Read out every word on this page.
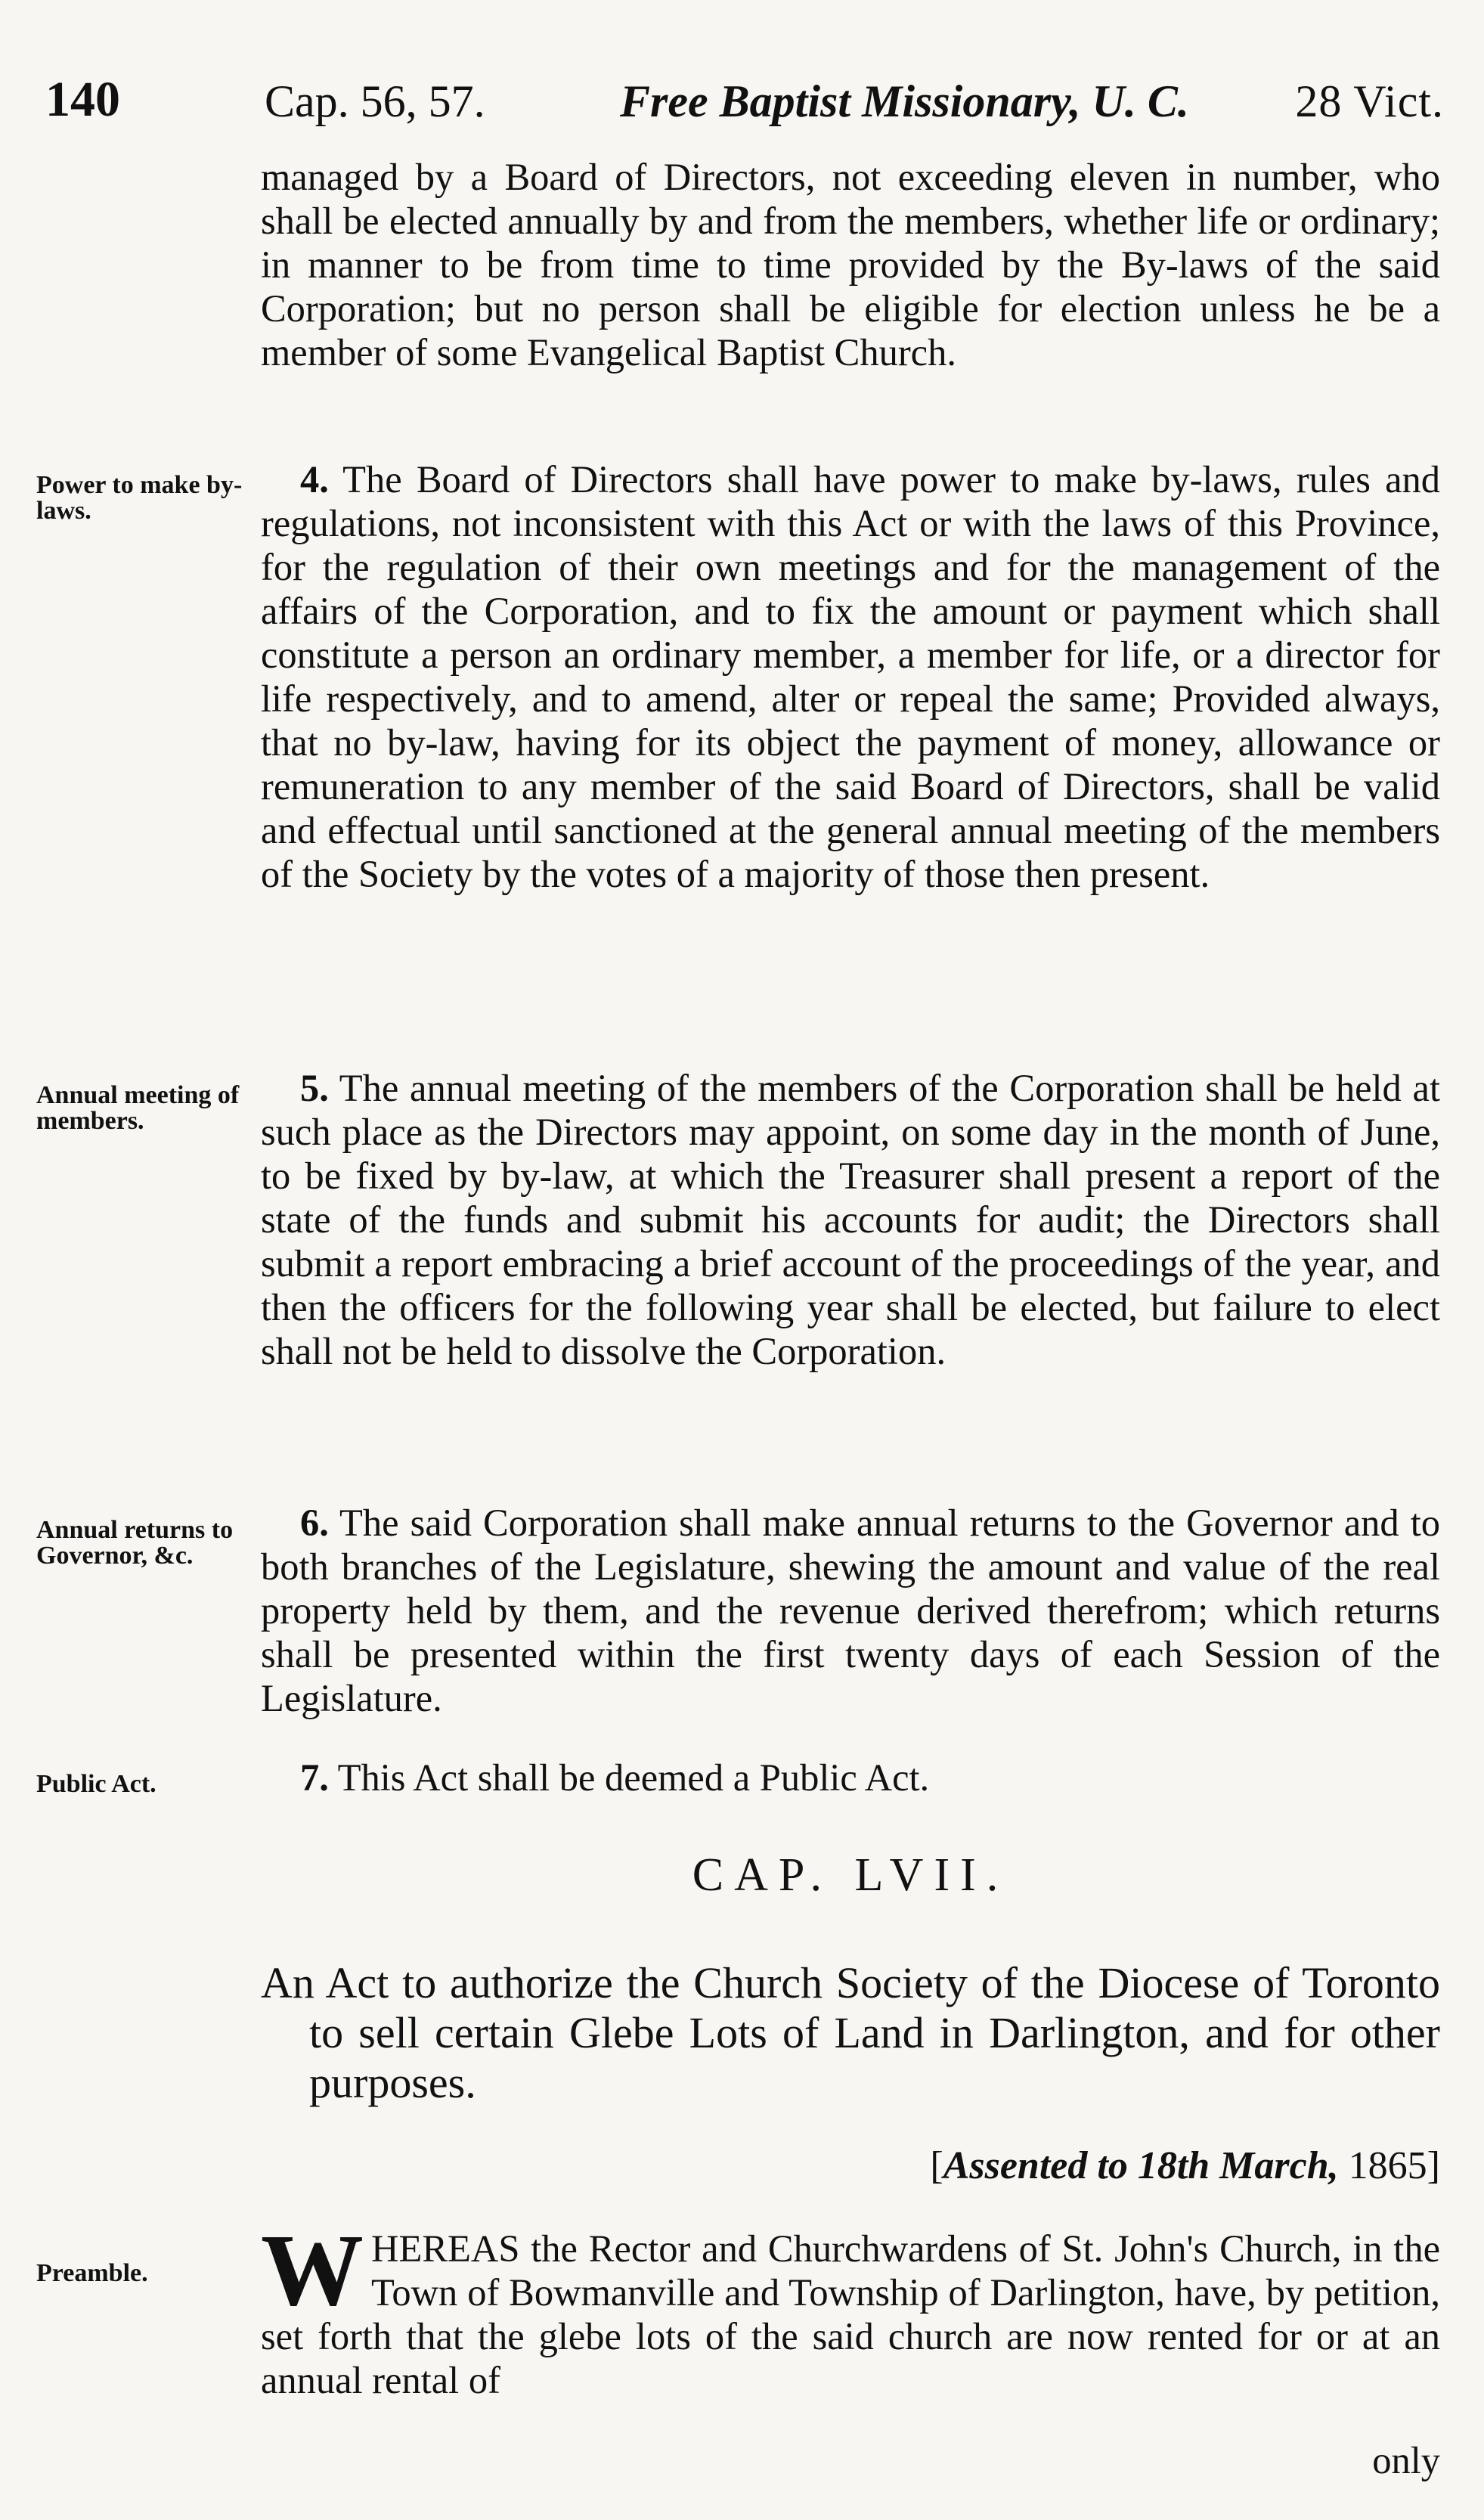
140	Cap. 56, 57.	Free Baptist Missionary, U. C. 28 Vict.
managed by a Board of Directors, not exceeding eleven in number, who shall be elected annually by and from the members, whether life or ordinary; in manner to be from time to time provided by the By-laws of the said Corporation; but no person shall be eligible for election unless he be a member of some Evangelical Baptist Church.
Power to make by-laws.
4. The Board of Directors shall have power to make by-laws, rules and regulations, not inconsistent with this Act or with the laws of this Province, for the regulation of their own meetings and for the management of the affairs of the Corporation, and to fix the amount or payment which shall constitute a person an ordinary member, a member for life, or a director for life respectively, and to amend, alter or repeal the same; Provided always, that no by-law, having for its object the payment of money, allowance or remuneration to any member of the said Board of Directors, shall be valid and effectual until sanctioned at the general annual meeting of the members of the Society by the votes of a majority of those then present.
Annual meeting of members.
5. The annual meeting of the members of the Corporation shall be held at such place as the Directors may appoint, on some day in the month of June, to be fixed by by-law, at which the Treasurer shall present a report of the state of the funds and submit his accounts for audit; the Directors shall submit a report embracing a brief account of the proceedings of the year, and then the officers for the following year shall be elected, but failure to elect shall not be held to dissolve the Corporation.
Annual returns to Governor, &c.
6. The said Corporation shall make annual returns to the Governor and to both branches of the Legislature, shewing the amount and value of the real property held by them, and the revenue derived therefrom; which returns shall be presented within the first twenty days of each Session of the Legislature.
Public Act.	7. This Act shall be deemed a Public Act.
CAP. LVII.
An Act to authorize the Church Society of the Diocese of Toronto to sell certain Glebe Lots of Land in Darlington, and for other purposes.
[Assented to 18th March, 1865]
Preamble.	WHEREAS the Rector and Churchwardens of St. John's Church, in the Town of Bowmanville and Township of Darlington, have, by petition, set forth that the glebe lots of the said church are now rented for or at an annual rental of
only
